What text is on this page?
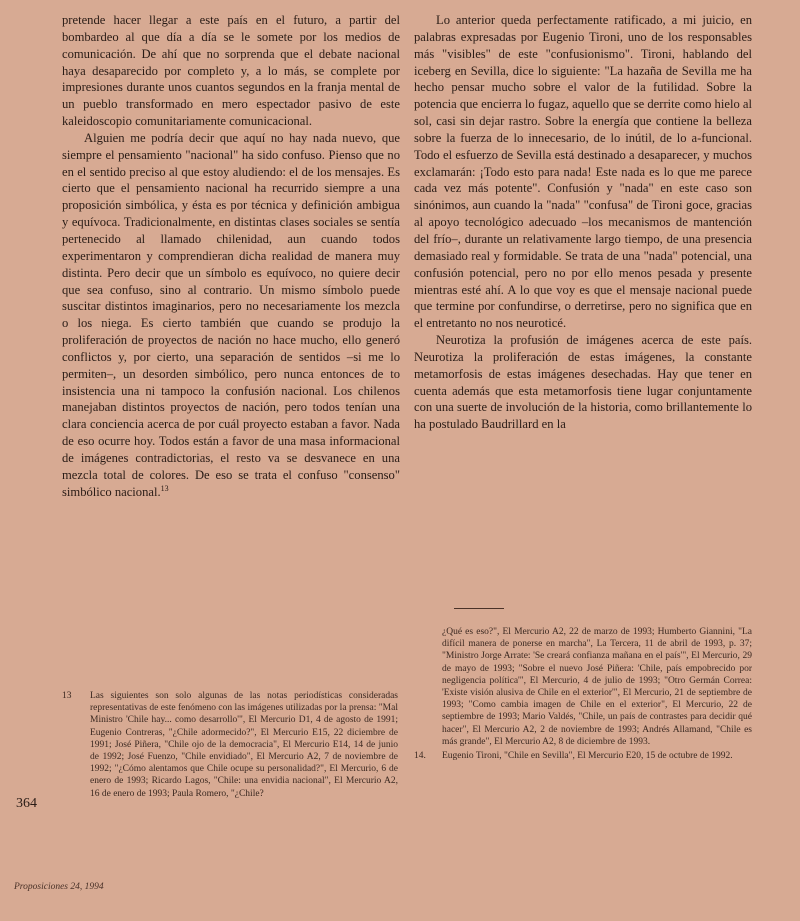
pretende hacer llegar a este país en el futuro, a partir del bombardeo al que día a día se le somete por los medios de comunicación. De ahí que no sorprenda que el debate nacional haya desaparecido por completo y, a lo más, se complete por impresiones durante unos cuantos segundos en la franja mental de un pueblo transformado en mero espectador pasivo de este kaleidoscopio comunitariamente comunicacional.

Alguien me podría decir que aquí no hay nada nuevo, que siempre el pensamiento "nacional" ha sido confuso. Pienso que no en el sentido preciso al que estoy aludiendo: el de los mensajes. Es cierto que el pensamiento nacional ha recurrido siempre a una proposición simbólica, y ésta es por técnica y definición ambigua y equívoca. Tradicionalmente, en distintas clases sociales se sentía pertenecido al llamado chilenidad, aun cuando todos experimentaron y comprendieran dicha realidad de manera muy distinta. Pero decir que un símbolo es equívoco, no quiere decir que sea confuso, sino al contrario. Un mismo símbolo puede suscitar distintos imaginarios, pero no necesariamente los mezcla o los niega. Es cierto también que cuando se produjo la proliferación de proyectos de nación no hace mucho, ello generó conflictos y, por cierto, una separación de sentidos –si me lo permiten–, un desorden simbólico, pero nunca entonces de to insistencia una ni tampoco la confusión nacional. Los chilenos manejaban distintos proyectos de nación, pero todos tenían una clara conciencia acerca de por cuál proyecto estaban a favor. Nada de eso ocurre hoy. Todos están a favor de una masa informacional de imágenes contradictorias, el resto va se desvanece en una mezcla total de colores. De eso se trata el confuso "consenso" simbólico nacional.$^{13}$

Lo anterior queda perfectamente ratificado, a mi juicio, en palabras expresadas por Eugenio Tironi, uno de los responsables más "visibles" de este "confusionismo". Tironi, hablando del iceberg en Sevilla, dice lo siguiente: "La hazaña de Sevilla me ha hecho pensar mucho sobre el valor de la futilidad. Sobre la potencia que encierra lo fugaz, aquello que se derrite como hielo al sol, casi sin dejar rastro. Sobre la energía que contiene la belleza sobre la fuerza de lo innecesario, de lo inútil, de lo a-funcional. Todo el esfuerzo de Sevilla está destinado a desaparecer, y muchos exclamarán: ¡Todo esto para nada! Este nada es lo que me parece cada vez más potente". Confusión y "nada" en este caso son sinónimos, aun cuando la "nada" "confusa" de Tironi goce, gracias al apoyo tecnológico adecuado –los mecanismos de mantención del frío–, durante un relativamente largo tiempo, de una presencia demasiado real y formidable. Se trata de una "nada" potencial, una confusión potencial, pero no por ello menos pesada y presente mientras esté ahí. A lo que voy es que el mensaje nacional puede que termine por confundirse, o derretirse, pero no significa que en el entretanto no nos neuroticé.

Neurotiza la profusión de imágenes acerca de este país. Neurotiza la proliferación de estas imágenes, la constante metamorfosis de estas imágenes desechadas. Hay que tener en cuenta además que esta metamorfosis tiene lugar conjuntamente con una suerte de involución de la historia, como brillantemente lo ha postulado Baudrillard en la

13	Las siguientes son solo algunas de las notas periodísticas consideradas representativas de este fenómeno con las imágenes utilizadas por la prensa: "Mal Ministro 'Chile hay... como desarrollo'", El Mercurio D1, 4 de agosto de 1991; Eugenio Contreras, "¿Chile adormecido?", El Mercurio E15, 22 diciembre de 1991; José Piñera, "Chile ojo de la democracia", El Mercurio E14, 14 de junio de 1992; José Fuenzo, "Chile envidiado", El Mercurio A2, 7 de noviembre de 1992; "¿Cómo alentamos que Chile ocupe su personalidad?", El Mercurio, 6 de enero de 1993; Ricardo Lagos, "Chile: una envidia nacional", El Mercurio A2, 16 de enero de 1993; Paula Romero, "¿Chile?
¿Qué es eso?", El Mercurio A2, 22 de marzo de 1993; Humberto Giannini, "La difícil manera de ponerse en marcha", La Tercera, 11 de abril de 1993, p. 37; "Ministro Jorge Arrate: 'Se creará confianza mañana en el país'", El Mercurio, 29 de mayo de 1993; "Sobre el nuevo José Piñera: 'Chile, país empobrecido por negligencia política'", El Mercurio, 4 de julio de 1993; "Otro Germán Correa: 'Existe visión alusiva de Chile en el exterior'", El Mercurio, 21 de septiembre de 1993; "Como cambia imagen de Chile en el exterior", El Mercurio, 22 de septiembre de 1993; Mario Valdés, "Chile, un país de contrastes para decidir qué hacer", El Mercurio A2, 2 de noviembre de 1993; Andrés Allamand, "Chile es más grande", El Mercurio A2, 8 de diciembre de 1993.
14.	Eugenio Tironi, "Chile en Sevilla", El Mercurio E20, 15 de octubre de 1992.
364
Proposiciones 24, 1994
